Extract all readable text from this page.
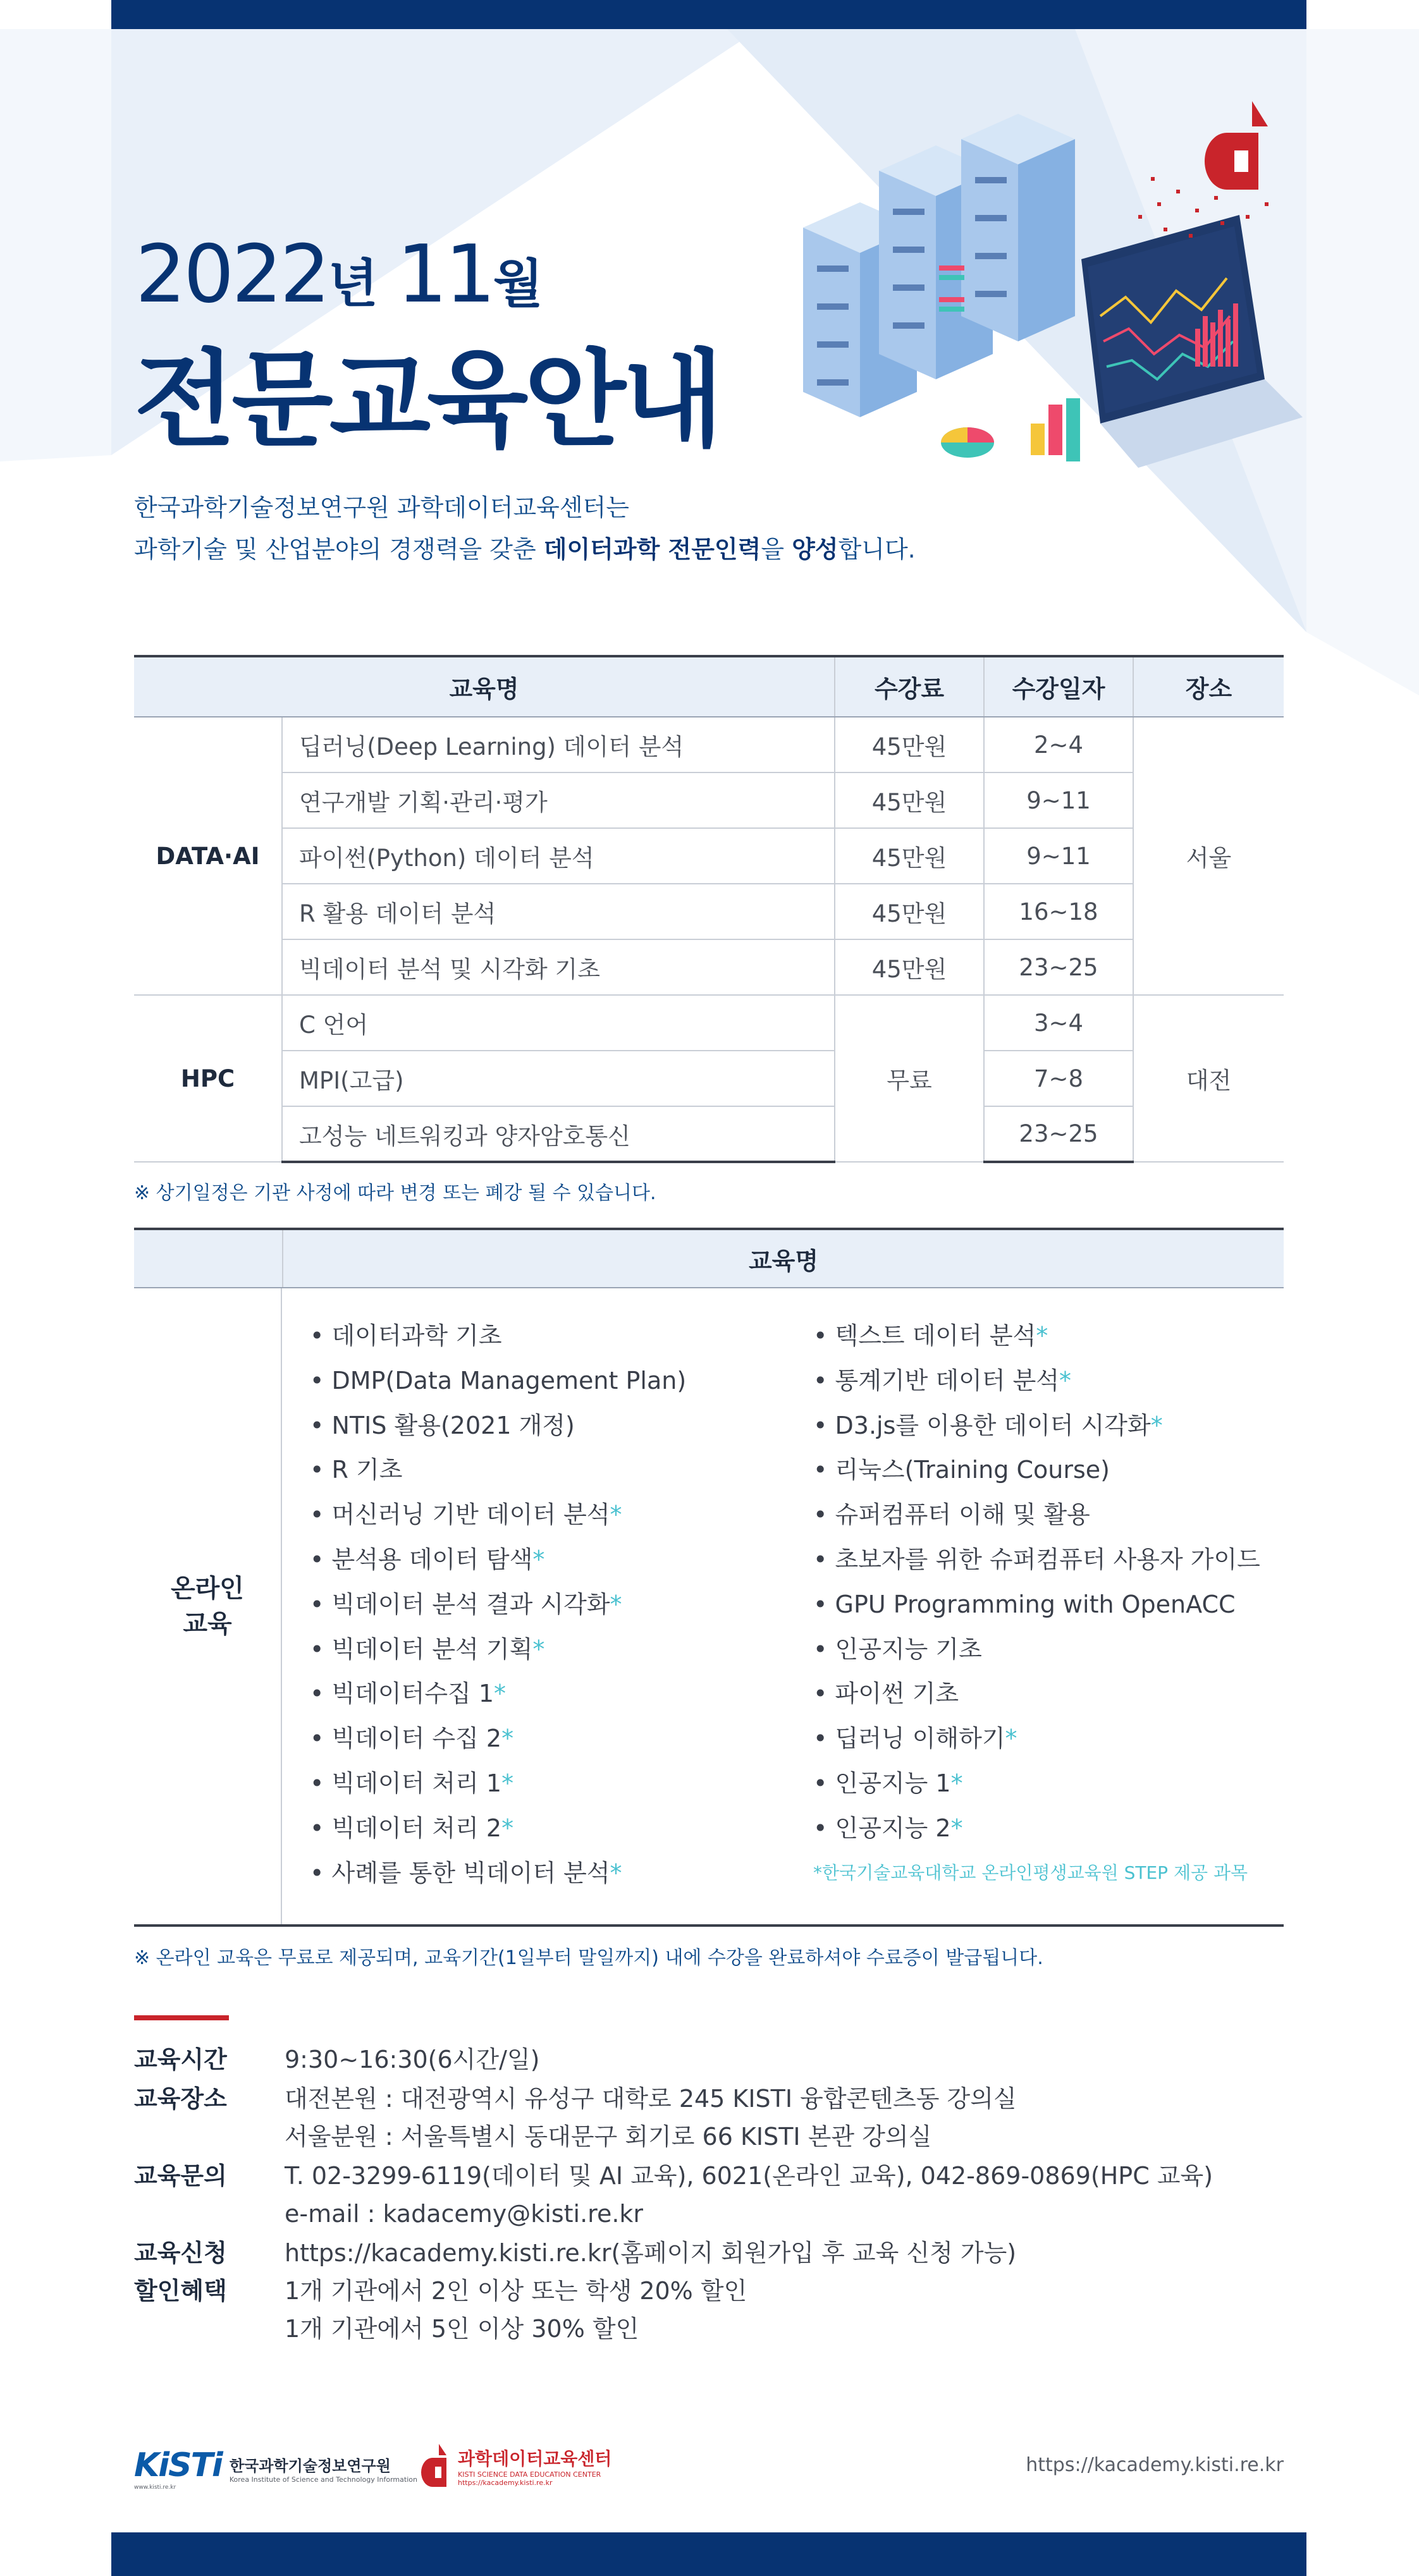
2022년 11월
전문교육안내
한국과학기술정보연구원 과학데이터교육센터는
과학기술 및 산업분야의 경쟁력을 갖춘 데이터과학 전문인력을 양성합니다.
교육명		수강료	수강일자	장소
DATA·AI	딥러닝(Deep Learning) 데이터 분석	45만원	2~4	서울
	연구개발 기획·관리·평가	45만원	9~11	
	파이썬(Python) 데이터 분석	45만원	9~11	
	R 활용 데이터 분석	45만원	16~18	
	빅데이터 분석 및 시각화 기초	45만원	23~25	
HPC	C 언어	무료	3~4	대전
	MPI(고급)		7~8	
	고성능 네트워킹과 양자암호통신		23~25	
※ 상기일정은 기관 사정에 따라 변경 또는 폐강 될 수 있습니다.
교육명
온라인
교육
• 데이터과학 기초
• DMP(Data Management Plan)
• NTIS 활용(2021 개정)
• R 기초
• 머신러닝 기반 데이터 분석*
• 분석용 데이터 탐색*
• 빅데이터 분석 결과 시각화*
• 빅데이터 분석 기획*
• 빅데이터수집 1*
• 빅데이터 수집 2*
• 빅데이터 처리 1*
• 빅데이터 처리 2*
• 사례를 통한 빅데이터 분석*
• 텍스트 데이터 분석*
• 통계기반 데이터 분석*
• D3.js를 이용한 데이터 시각화*
• 리눅스(Training Course)
• 슈퍼컴퓨터 이해 및 활용
• 초보자를 위한 슈퍼컴퓨터 사용자 가이드
• GPU Programming with OpenACC
• 인공지능 기초
• 파이썬 기초
• 딥러닝 이해하기*
• 인공지능 1*
• 인공지능 2*
*한국기술교육대학교 온라인평생교육원 STEP 제공 과목
※ 온라인 교육은 무료로 제공되며, 교육기간(1일부터 말일까지) 내에 수강을 완료하셔야 수료증이 발급됩니다.
교육시간	9:30~16:30(6시간/일)
교육장소	대전본원 : 대전광역시 유성구 대학로 245 KISTI 융합콘텐츠동 강의실
서울분원 : 서울특별시 동대문구 회기로 66 KISTI 본관 강의실
교육문의	T. 02-3299-6119(데이터 및 AI 교육), 6021(온라인 교육), 042-869-0869(HPC 교육)
e-mail : kadacemy@kisti.re.kr
교육신청	https://kacademy.kisti.re.kr(홈페이지 회원가입 후 교육 신청 가능)
할인혜택	1개 기관에서 2인 이상 또는 학생 20% 할인
1개 기관에서 5인 이상 30% 할인
KiSTi
www.kisti.re.kr
한국과학기술정보연구원
Korea Institute of Science and Technology Information
과학데이터교육센터
KISTI SCIENCE DATA EDUCATION CENTER
https://kacademy.kisti.re.kr
https://kacademy.kisti.re.kr
